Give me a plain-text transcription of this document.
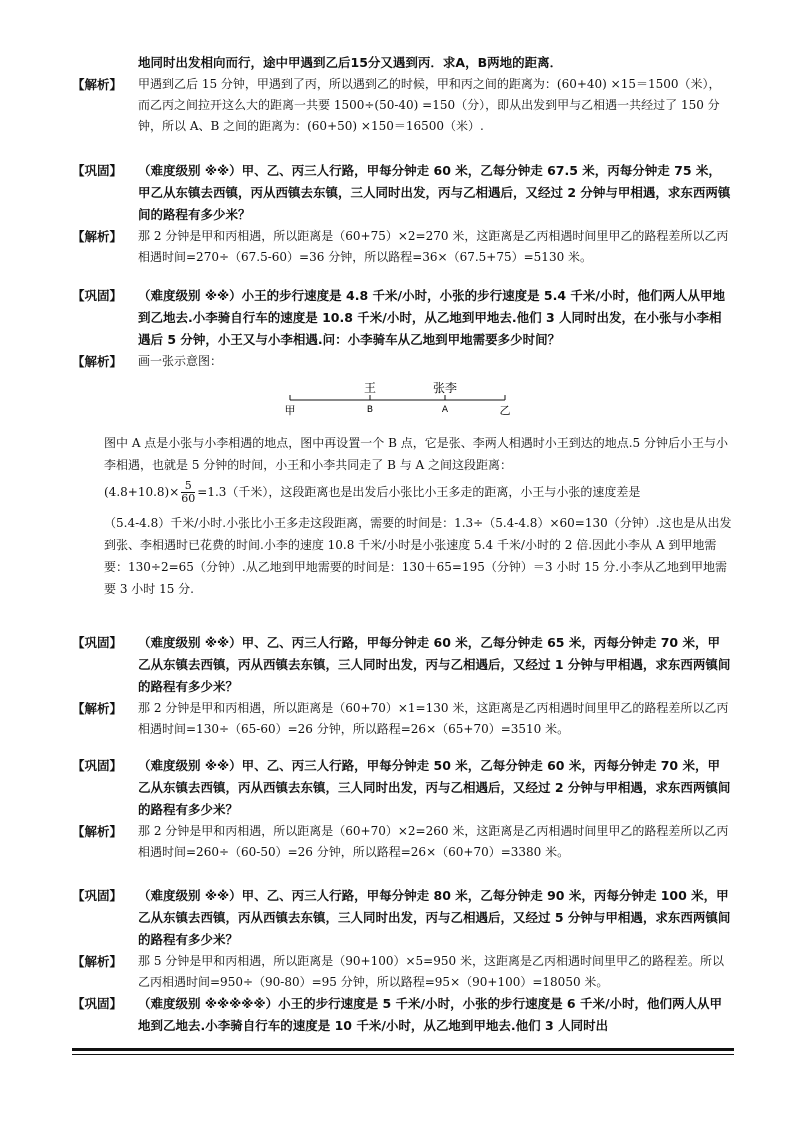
地同时出发相向而行，途中甲遇到乙后15分又遇到丙．求A，B两地的距离．
【解析】	甲遇到乙后 15 分钟，甲遇到了丙，所以遇到乙的时候，甲和丙之间的距离为：(60+40) ×15＝1500（米），而乙丙之间拉开这么大的距离一共要 1500÷(50-40) =150（分），即从出发到甲与乙相遇一共经过了 150 分钟，所以 A、B 之间的距离为：(60+50) ×150＝16500（米）.
【巩固】	（难度级别 ※※）甲、乙、丙三人行路，甲每分钟走 60 米，乙每分钟走 67.5 米，丙每分钟走 75 米，甲乙从东镇去西镇，丙从西镇去东镇，三人同时出发，丙与乙相遇后，又经过 2 分钟与甲相遇，求东西两镇间的路程有多少米？
【解析】	那 2 分钟是甲和丙相遇，所以距离是（60+75）×2=270 米，这距离是乙丙相遇时间里甲乙的路程差所以乙丙相遇时间=270÷（67.5-60）=36 分钟，所以路程=36×（67.5+75）=5130 米。
【巩固】	（难度级别 ※※）小王的步行速度是 4.8 千米/小时，小张的步行速度是 5.4 千米/小时，他们两人从甲地到乙地去.小李骑自行车的速度是 10.8 千米/小时，从乙地到甲地去.他们 3 人同时出发，在小张与小李相遇后 5 分钟，小王又与小李相遇.问：小李骑车从乙地到甲地需要多少时间？
【解析】	画一张示意图：
王	张李
甲	B	A	乙
图中 A 点是小张与小李相遇的地点，图中再设置一个 B 点，它是张、李两人相遇时小王到达的地点.5 分钟后小王与小李相遇，也就是 5 分钟的时间，小王和小李共同走了 B 与 A 之间这段距离：
$(4.8+10.8)\times \frac{5}{60} =1.3$（千米），这段距离也是出发后小张比小王多走的距离，小王与小张的速度差是
（5.4-4.8）千米/小时.小张比小王多走这段距离，需要的时间是：1.3÷（5.4-4.8）×60=130（分钟）.这也是从出发到张、李相遇时已花费的时间.小李的速度 10.8 千米/小时是小张速度 5.4 千米/小时的 2 倍.因此小李从 A 到甲地需要：130÷2=65（分钟）.从乙地到甲地需要的时间是：130＋65=195（分钟）＝3 小时 15 分.小李从乙地到甲地需要 3 小时 15 分.
【巩固】	（难度级别 ※※）甲、乙、丙三人行路，甲每分钟走 60 米，乙每分钟走 65 米，丙每分钟走 70 米，甲乙从东镇去西镇，丙从西镇去东镇，三人同时出发，丙与乙相遇后，又经过 1 分钟与甲相遇，求东西两镇间的路程有多少米？
【解析】	那 2 分钟是甲和丙相遇，所以距离是（60+70）×1=130 米，这距离是乙丙相遇时间里甲乙的路程差所以乙丙相遇时间=130÷（65-60）=26 分钟，所以路程=26×（65+70）=3510 米。
【巩固】	（难度级别 ※※）甲、乙、丙三人行路，甲每分钟走 50 米，乙每分钟走 60 米，丙每分钟走 70 米，甲乙从东镇去西镇，丙从西镇去东镇，三人同时出发，丙与乙相遇后，又经过 2 分钟与甲相遇，求东西两镇间的路程有多少米？
【解析】	那 2 分钟是甲和丙相遇，所以距离是（60+70）×2=260 米，这距离是乙丙相遇时间里甲乙的路程差所以乙丙相遇时间=260÷（60-50）=26 分钟，所以路程=26×（60+70）=3380 米。
【巩固】	（难度级别 ※※）甲、乙、丙三人行路，甲每分钟走 80 米，乙每分钟走 90 米，丙每分钟走 100 米，甲乙从东镇去西镇，丙从西镇去东镇，三人同时出发，丙与乙相遇后，又经过 5 分钟与甲相遇，求东西两镇间的路程有多少米？
【解析】	那 5 分钟是甲和丙相遇，所以距离是（90+100）×5=950 米，这距离是乙丙相遇时间里甲乙的路程差。所以乙丙相遇时间=950÷（90-80）=95 分钟，所以路程=95×（90+100）=18050 米。
【巩固】	（难度级别 ※※※※※）小王的步行速度是 5 千米/小时，小张的步行速度是 6 千米/小时，他们两人从甲地到乙地去.小李骑自行车的速度是 10 千米/小时，从乙地到甲地去.他们 3 人同时出
